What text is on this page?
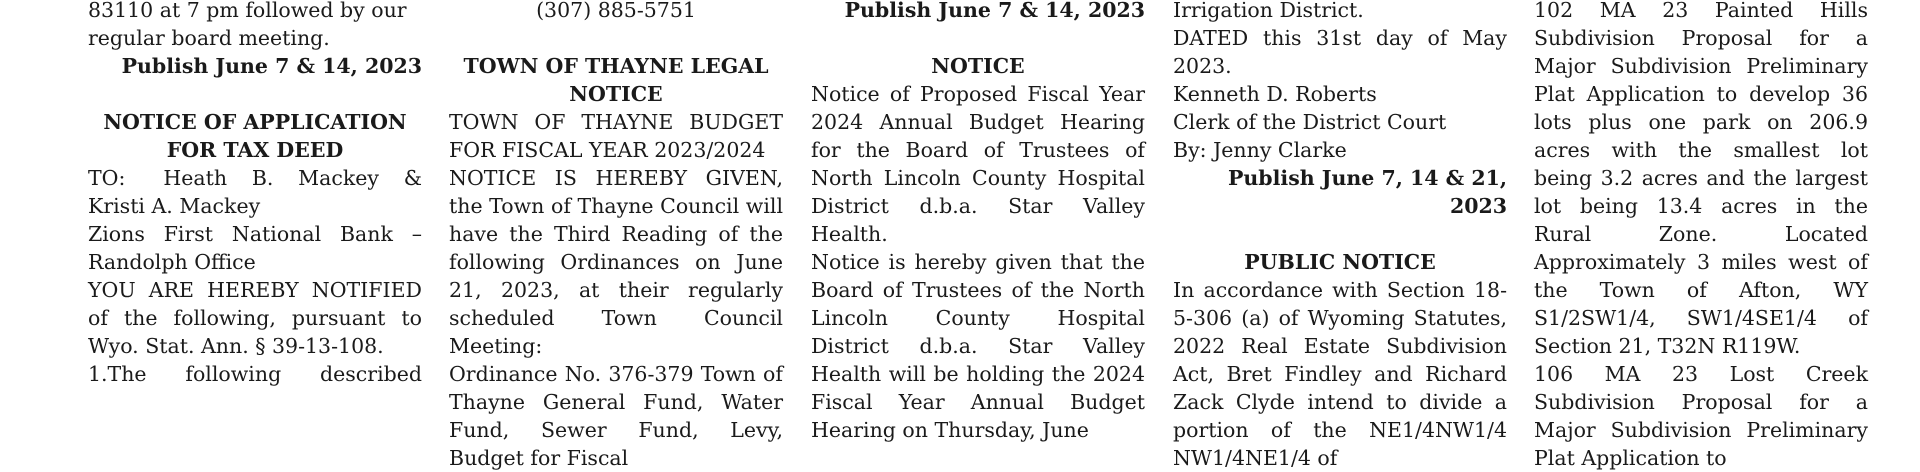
83110 at 7 pm followed by our

regular board meeting.

Publish June 7 & 14, 2023

NOTICE OF APPLICATION FOR TAX DEED

TO: Heath B. Mackey & Kristi A. Mackey

Zions First National Bank – Randolph Office

YOU ARE HEREBY NOTIFIED of the following, pursuant to Wyo. Stat. Ann. § 39-13-108.

1.The following described

(307) 885-5751

TOWN OF THAYNE LEGAL NOTICE

TOWN OF THAYNE BUDGET FOR FISCAL YEAR 2023/2024

NOTICE IS HEREBY GIVEN, the Town of Thayne Council will have the Third Reading of the following Ordinances on June 21, 2023, at their regularly scheduled Town Council Meeting:

Ordinance No. 376-379 Town of Thayne General Fund, Water Fund, Sewer Fund, Levy, Budget for Fiscal

Publish June 7 & 14, 2023

NOTICE

Notice of Proposed Fiscal Year 2024 Annual Budget Hearing for the Board of Trustees of North Lincoln County Hospital District d.b.a. Star Valley Health.

Notice is hereby given that the Board of Trustees of the North Lincoln County Hospital District d.b.a. Star Valley Health will be holding the 2024 Fiscal Year Annual Budget Hearing on Thursday, June

Irrigation District.

DATED this 31st day of May 2023.

Kenneth D. Roberts

Clerk of the District Court

By: Jenny Clarke

Publish June 7, 14 & 21, 2023

PUBLIC NOTICE

In accordance with Section 18-5-306 (a) of Wyoming Statutes, 2022 Real Estate Subdivision Act, Bret Findley and Richard Zack Clyde intend to divide a portion of the NE1/4NW1/4 NW1/4NE1/4 of

102 MA 23 Painted Hills Subdivision Proposal for a Major Subdivision Preliminary Plat Application to develop 36 lots plus one park on 206.9 acres with the smallest lot being 3.2 acres and the largest lot being 13.4 acres in the Rural Zone. Located Approximately 3 miles west of the Town of Afton, WY S1/2SW1/4, SW1/4SE1/4 of Section 21, T32N R119W.

106 MA 23 Lost Creek Subdivision Proposal for a Major Subdivision Preliminary Plat Application to
